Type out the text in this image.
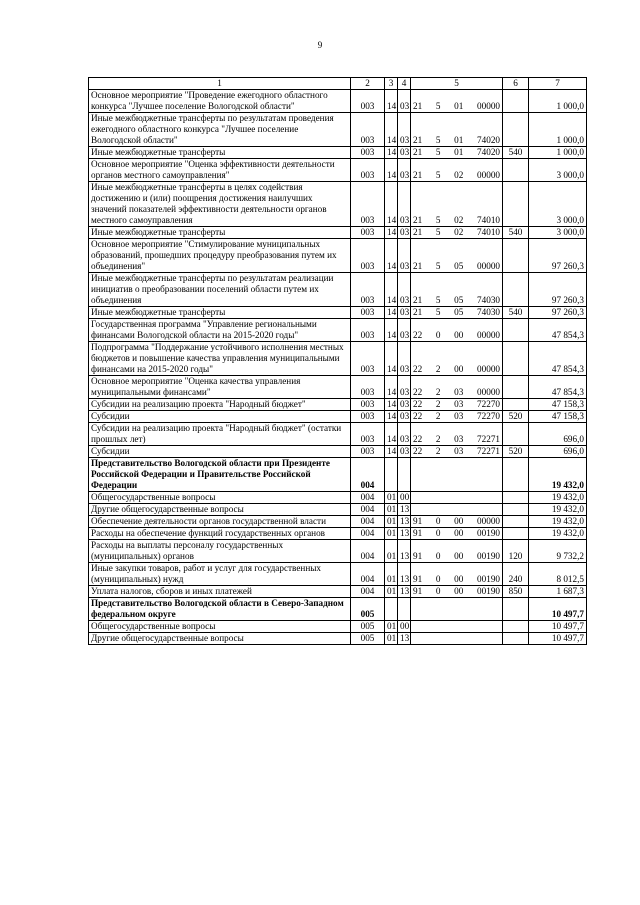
9
1	2	3	4	5	6	7
Основное мероприятие "Проведение ежегодного областного конкурса "Лучшее поселение Вологодской области"	003	14	03	21 5 01 00000		1 000,0
Иные межбюджетные трансферты по результатам проведения ежегодного областного конкурса "Лучшее поселение Вологодской области"	003	14	03	21 5 01 74020		1 000,0
Иные межбюджетные трансферты	003	14	03	21 5 01 74020	540	1 000,0
Основное мероприятие "Оценка эффективности деятельности органов местного самоуправления"	003	14	03	21 5 02 00000		3 000,0
Иные межбюджетные трансферты в целях содействия достижению и (или) поощрения достижения наилучших значений показателей эффективности деятельности органов местного самоуправления	003	14	03	21 5 02 74010		3 000,0
Иные межбюджетные трансферты	003	14	03	21 5 02 74010	540	3 000,0
Основное мероприятие "Стимулирование муниципальных образований, прошедших процедуру преобразования путем их объединения"	003	14	03	21 5 05 00000		97 260,3
Иные межбюджетные трансферты по результатам реализации инициатив о преобразовании поселений области путем их объединения	003	14	03	21 5 05 74030		97 260,3
Иные межбюджетные трансферты	003	14	03	21 5 05 74030	540	97 260,3
Государственная программа "Управление региональными финансами Вологодской области на 2015-2020 годы"	003	14	03	22 0 00 00000		47 854,3
Подпрограмма "Поддержание устойчивого исполнения местных бюджетов и повышение качества управления муниципальными финансами на 2015-2020 годы"	003	14	03	22 2 00 00000		47 854,3
Основное мероприятие "Оценка качества управления муниципальными финансами"	003	14	03	22 2 03 00000		47 854,3
Субсидии на реализацию проекта "Народный бюджет"	003	14	03	22 2 03 72270		47 158,3
Субсидии	003	14	03	22 2 03 72270	520	47 158,3
Субсидии на реализацию проекта "Народный бюджет" (остатки прошлых лет)	003	14	03	22 2 03 72271		696,0
Субсидии	003	14	03	22 2 03 72271	520	696,0
Представительство Вологодской области при Президенте Российской Федерации и Правительстве Российской Федерации	004					19 432,0
Общегосударственные вопросы	004	01	00			19 432,0
Другие общегосударственные вопросы	004	01	13			19 432,0
Обеспечение деятельности органов государственной власти	004	01	13	91 0 00 00000		19 432,0
Расходы на обеспечение функций государственных органов	004	01	13	91 0 00 00190		19 432,0
Расходы на выплаты персоналу государственных (муниципальных) органов	004	01	13	91 0 00 00190	120	9 732,2
Иные закупки товаров, работ и услуг для государственных (муниципальных) нужд	004	01	13	91 0 00 00190	240	8 012,5
Уплата налогов, сборов и иных платежей	004	01	13	91 0 00 00190	850	1 687,3
Представительство Вологодской области в Северо-Западном федеральном округе	005					10 497,7
Общегосударственные вопросы	005	01	00			10 497,7
Другие общегосударственные вопросы	005	01	13			10 497,7
